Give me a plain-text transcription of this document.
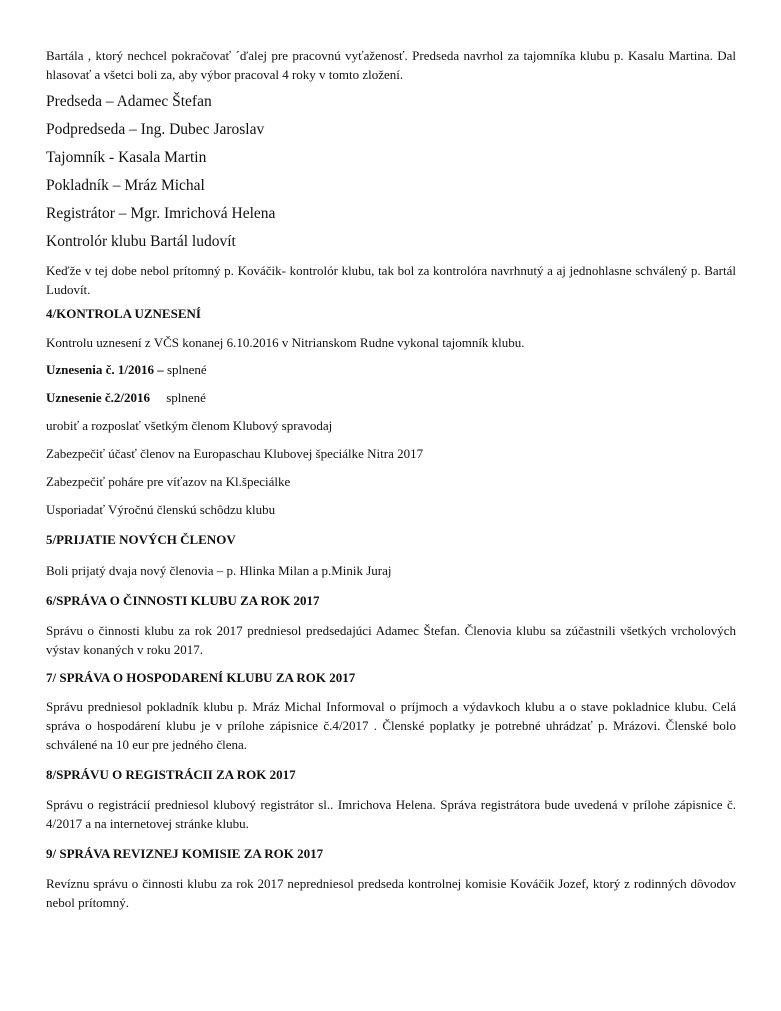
Bartála , ktorý nechcel pokračovať ´ďalej pre pracovnú vyťaženosť. Predseda navrhol za tajomníka klubu p. Kasalu Martina. Dal hlasovať a všetci boli za, aby výbor pracoval 4 roky v tomto zložení.

Predseda – Adamec Štefan

Podpredseda – Ing. Dubec Jaroslav

Tajomník - Kasala Martin

Pokladník – Mráz Michal

Registrátor – Mgr. Imrichová Helena

Kontrolór klubu Bartál ludovít

Keďže v tej dobe nebol prítomný p. Kováčik- kontrolór klubu, tak bol za kontrolóra navrhnutý a aj jednohlasne schválený p. Bartál Ludovít.

4/KONTROLA UZNESENÍ

Kontrolu uznesení z VČS konanej 6.10.2016 v Nitrianskom Rudne vykonal tajomník klubu.

Uznesenia č. 1/2016 – splnené

Uznesenie č.2/2016     splnené

urobiť a rozposlať všetkým členom Klubový spravodaj

Zabezpečiť účasť členov na Europaschau Klubovej špeciálke Nitra 2017

Zabezpečiť poháre pre víťazov na Kl.špeciálke

Usporiadať Výročnú členskú schôdzu klubu

5/PRIJATIE NOVÝCH ČLENOV

Boli prijatý dvaja nový členovia – p. Hlinka Milan a p.Minik Juraj

6/SPRÁVA O ČINNOSTI KLUBU ZA ROK 2017

Správu o činnosti klubu za rok 2017 predniesol predsedajúci Adamec Štefan. Členovia klubu sa zúčastnili všetkých vrcholových výstav konaných v roku 2017.

7/ SPRÁVA O HOSPODARENÍ KLUBU ZA ROK 2017

Správu predniesol pokladník klubu p. Mráz Michal Informoval o príjmoch a výdavkoch klubu a o stave pokladnice klubu. Celá správa o hospodárení klubu je v prílohe zápisnice č.4/2017 . Členské poplatky je potrebné uhrádzať p. Mrázovi. Členské bolo schválené na 10 eur pre jedného člena.

8/SPRÁVU O REGISTRÁCII ZA ROK 2017

Správu o registrácií predniesol klubový registrátor sl.. Imrichova Helena. Správa registrátora bude uvedená v prílohe zápisnice č. 4/2017 a na internetovej stránke klubu.

9/ SPRÁVA REVIZNEJ KOMISIE ZA ROK 2017

Revíznu správu o činnosti klubu za rok 2017 nepredniesol predseda kontrolnej komisie Kováčik Jozef, ktorý z rodinných dôvodov nebol prítomný.
